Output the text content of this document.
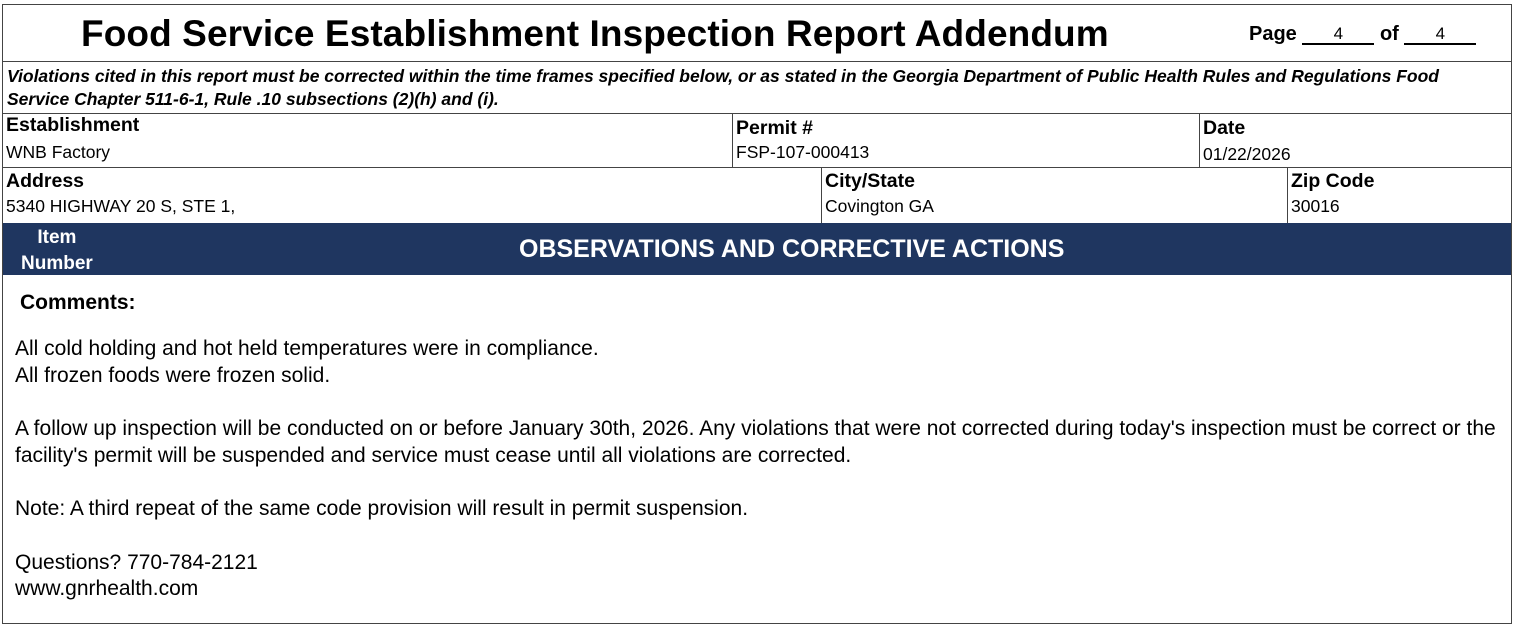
Food Service Establishment Inspection Report Addendum	Page 4 of 4
Violations cited in this report must be corrected within the time frames specified below, or as stated in the Georgia Department of Public Health Rules and Regulations Food Service Chapter 511-6-1, Rule .10 subsections (2)(h) and (i).
Establishment
WNB Factory
Permit #
FSP-107-000413
Date
01/22/2026
Address
5340 HIGHWAY 20 S, STE 1,
City/State
Covington GA
Zip Code
30016
Item
Number
OBSERVATIONS AND CORRECTIVE ACTIONS
Comments:

All cold holding and hot held temperatures were in compliance.
All frozen foods were frozen solid.

A follow up inspection will be conducted on or before January 30th, 2026. Any violations that were not corrected during today's inspection must be correct or the facility's permit will be suspended and service must cease until all violations are corrected.

Note: A third repeat of the same code provision will result in permit suspension.

Questions? 770-784-2121
www.gnrhealth.com
